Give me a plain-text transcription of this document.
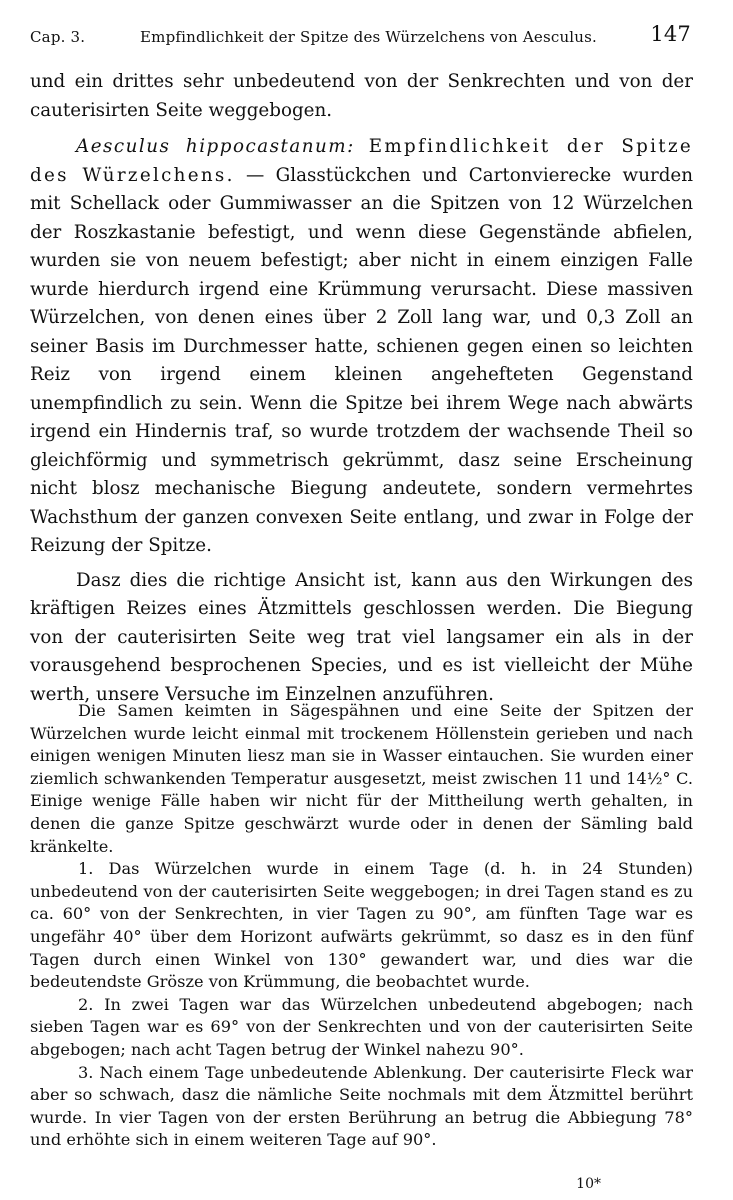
Cap. 3.	Empfindlichkeit der Spitze des Würzelchens von Aesculus.	147

und ein drittes sehr unbedeutend von der Senkrechten und von der cauterisirten Seite weggebogen.

Aesculus hippocastanum: Empfindlichkeit der Spitze des Würzelchens. — Glasstückchen und Cartonvierecke wurden mit Schellack oder Gummiwasser an die Spitzen von 12 Würzelchen der Roszkastanie befestigt, und wenn diese Gegenstände abfielen, wurden sie von neuem befestigt; aber nicht in einem einzigen Falle wurde hierdurch irgend eine Krümmung verursacht. Diese massiven Würzelchen, von denen eines über 2 Zoll lang war, und 0,3 Zoll an seiner Basis im Durchmesser hatte, schienen gegen einen so leichten Reiz von irgend einem kleinen angehefteten Gegenstand unempfindlich zu sein. Wenn die Spitze bei ihrem Wege nach abwärts irgend ein Hindernis traf, so wurde trotzdem der wachsende Theil so gleichförmig und symmetrisch gekrümmt, dasz seine Erscheinung nicht blosz mechanische Biegung andeutete, sondern vermehrtes Wachsthum der ganzen convexen Seite entlang, und zwar in Folge der Reizung der Spitze.

Dasz dies die richtige Ansicht ist, kann aus den Wirkungen des kräftigen Reizes eines Ätzmittels geschlossen werden. Die Biegung von der cauterisirten Seite weg trat viel langsamer ein als in der vorausgehend besprochenen Species, und es ist vielleicht der Mühe werth, unsere Versuche im Einzelnen anzuführen.

Die Samen keimten in Sägespähnen und eine Seite der Spitzen der Würzelchen wurde leicht einmal mit trockenem Höllenstein gerieben und nach einigen wenigen Minuten liesz man sie in Wasser eintauchen. Sie wurden einer ziemlich schwankenden Temperatur ausgesetzt, meist zwischen 11 und 14½° C. Einige wenige Fälle haben wir nicht für der Mittheilung werth gehalten, in denen die ganze Spitze geschwärzt wurde oder in denen der Sämling bald kränkelte.

1. Das Würzelchen wurde in einem Tage (d. h. in 24 Stunden) unbedeutend von der cauterisirten Seite weggebogen; in drei Tagen stand es zu ca. 60° von der Senkrechten, in vier Tagen zu 90°, am fünften Tage war es ungefähr 40° über dem Horizont aufwärts gekrümmt, so dasz es in den fünf Tagen durch einen Winkel von 130° gewandert war, und dies war die bedeutendste Grösze von Krümmung, die beobachtet wurde.

2. In zwei Tagen war das Würzelchen unbedeutend abgebogen; nach sieben Tagen war es 69° von der Senkrechten und von der cauterisirten Seite abgebogen; nach acht Tagen betrug der Winkel nahezu 90°.

3. Nach einem Tage unbedeutende Ablenkung. Der cauterisirte Fleck war aber so schwach, dasz die nämliche Seite nochmals mit dem Ätzmittel berührt wurde. In vier Tagen von der ersten Berührung an betrug die Abbiegung 78° und erhöhte sich in einem weiteren Tage auf 90°.

10*
